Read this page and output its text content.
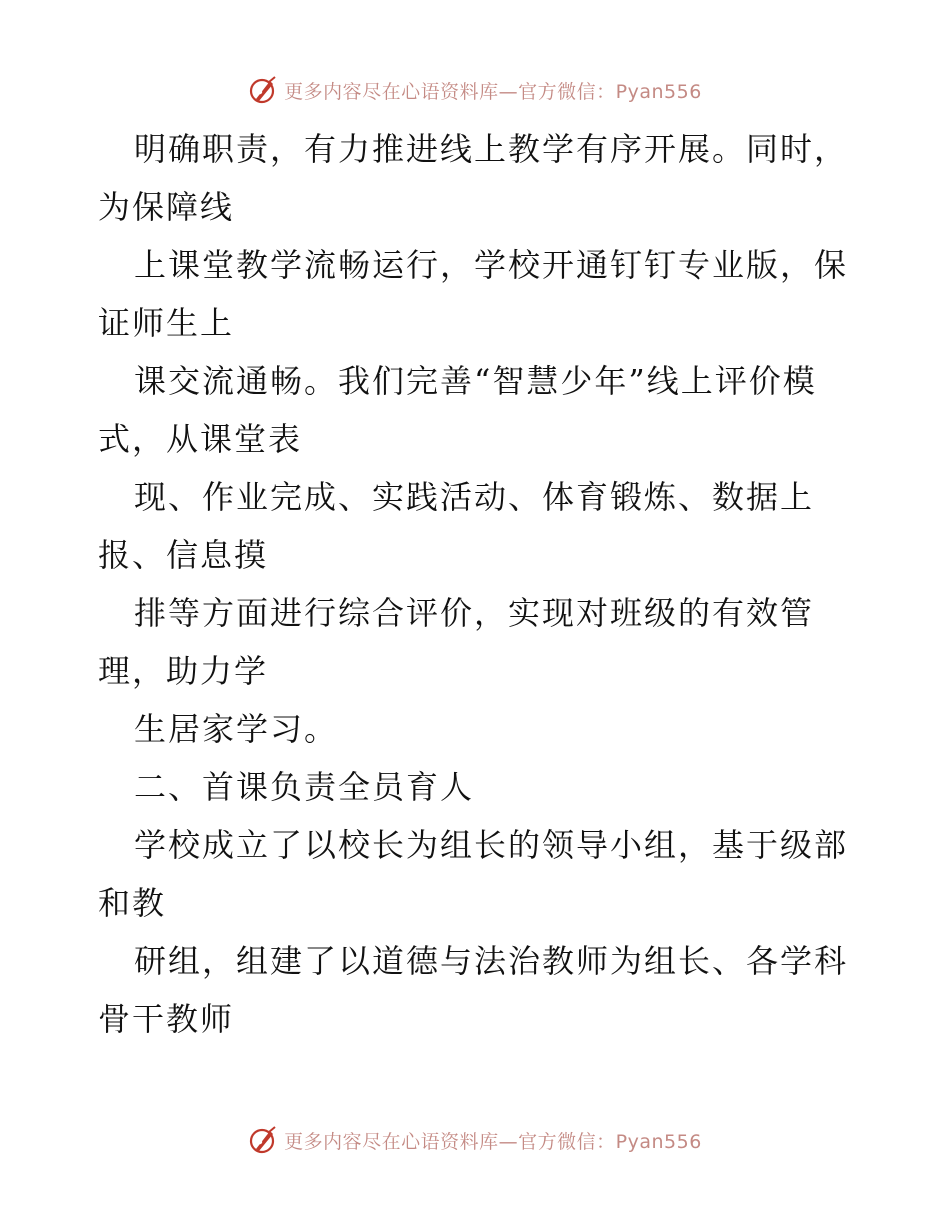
更多内容尽在心语资料库—官方微信：Pyan556
明确职责，有力推进线上教学有序开展。同时，
为保障线
上课堂教学流畅运行，学校开通钉钉专业版，保
证师生上
课交流通畅。我们完善“智慧少年”线上评价模
式，从课堂表
现、作业完成、实践活动、体育锻炼、数据上
报、信息摸
排等方面进行综合评价，实现对班级的有效管
理，助力学
生居家学习。
二、首课负责全员育人
学校成立了以校长为组长的领导小组，基于级部
和教
研组，组建了以道德与法治教师为组长、各学科
骨干教师
更多内容尽在心语资料库—官方微信：Pyan556
